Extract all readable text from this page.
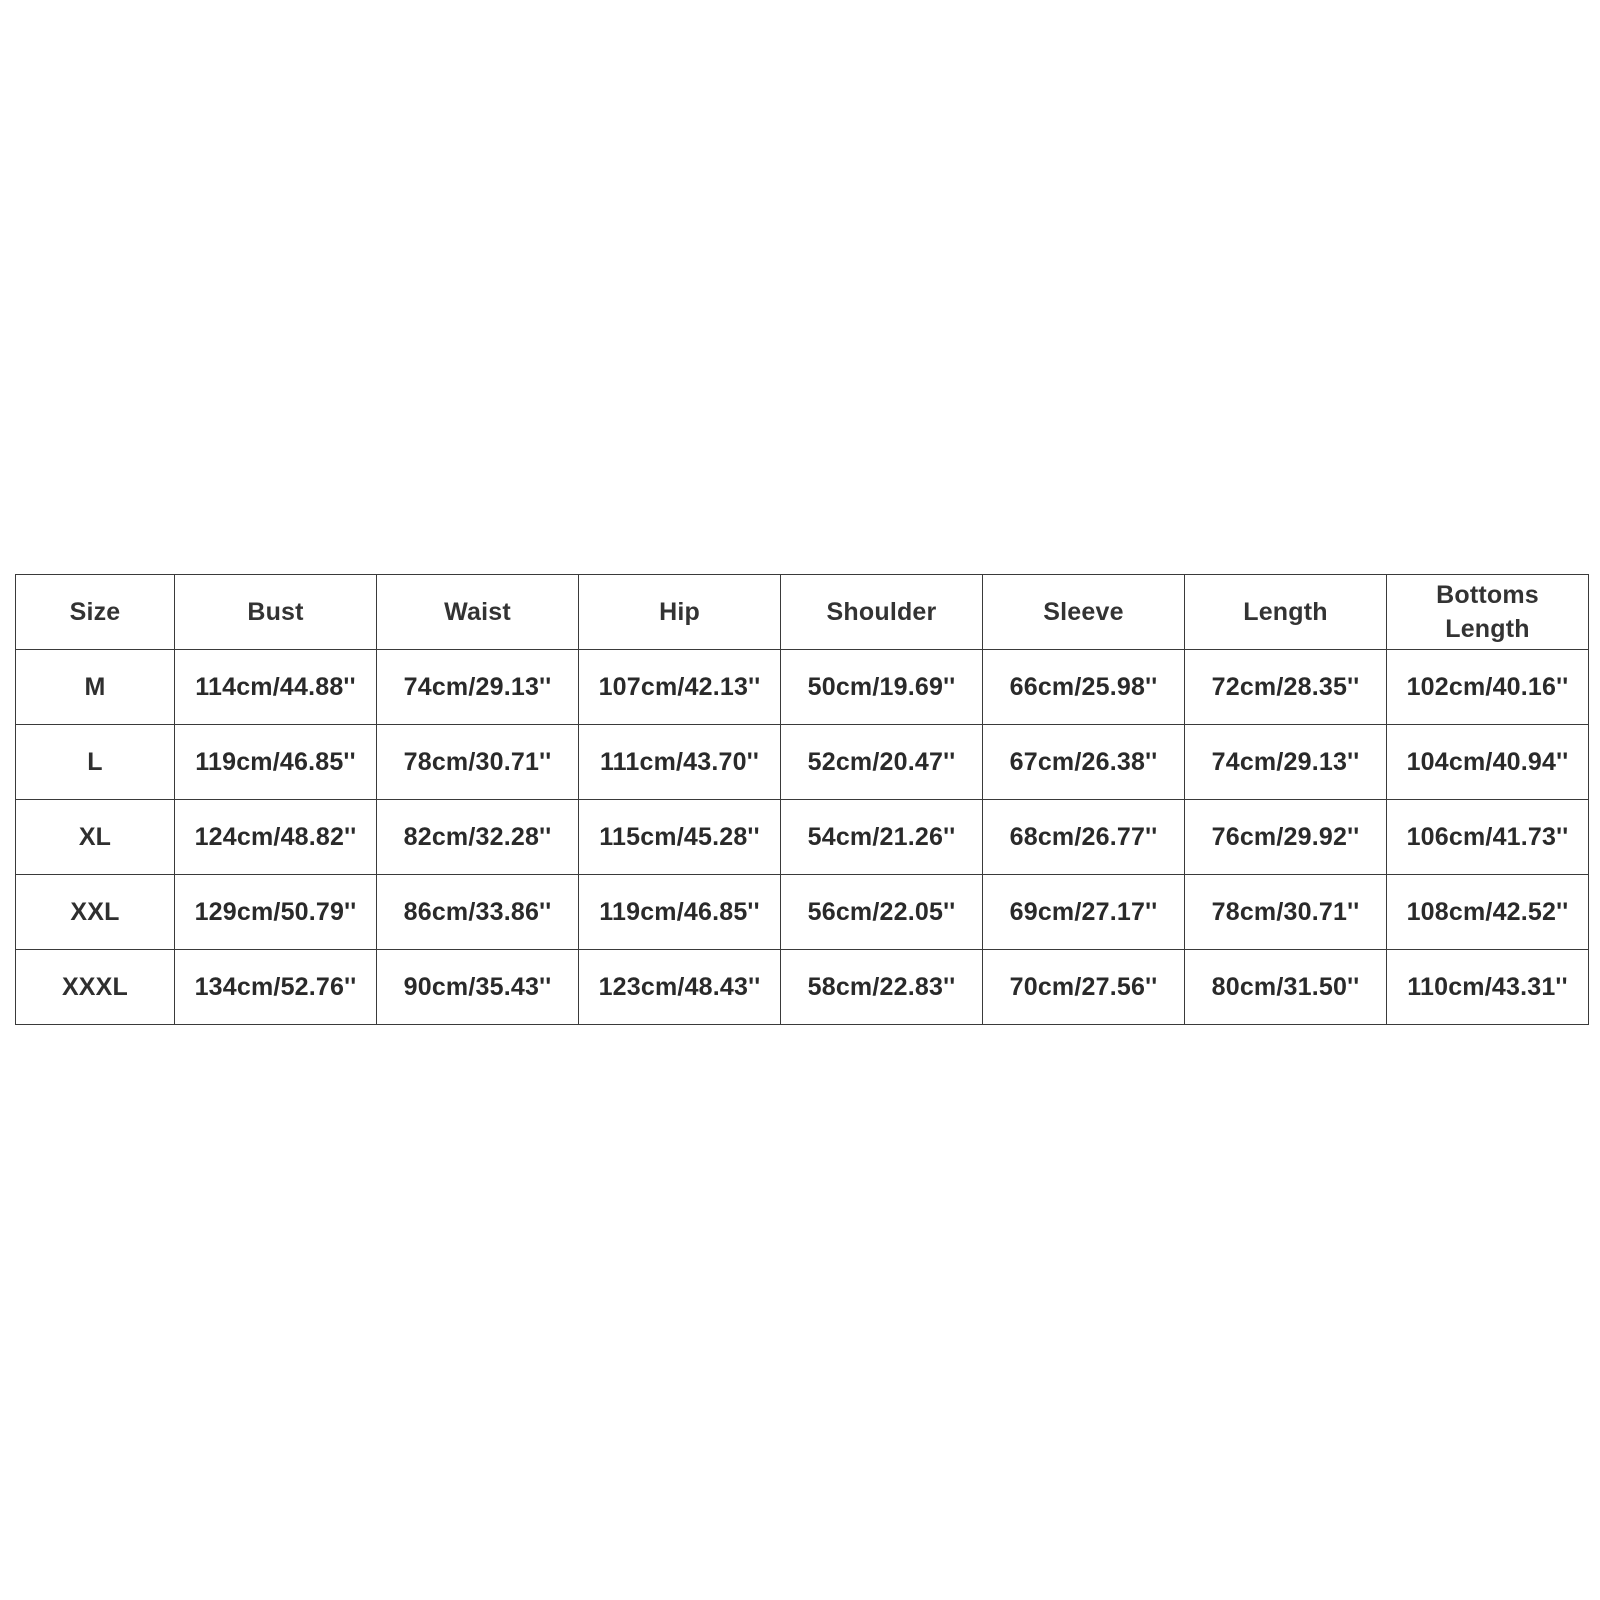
Size	Bust	Waist	Hip	Shoulder	Sleeve	Length	Bottoms
Length
M	114cm/44.88''	74cm/29.13''	107cm/42.13''	50cm/19.69''	66cm/25.98''	72cm/28.35''	102cm/40.16''
L	119cm/46.85''	78cm/30.71''	111cm/43.70''	52cm/20.47''	67cm/26.38''	74cm/29.13''	104cm/40.94''
XL	124cm/48.82''	82cm/32.28''	115cm/45.28''	54cm/21.26''	68cm/26.77''	76cm/29.92''	106cm/41.73''
XXL	129cm/50.79''	86cm/33.86''	119cm/46.85''	56cm/22.05''	69cm/27.17''	78cm/30.71''	108cm/42.52''
XXXL	134cm/52.76''	90cm/35.43''	123cm/48.43''	58cm/22.83''	70cm/27.56''	80cm/31.50''	110cm/43.31''
